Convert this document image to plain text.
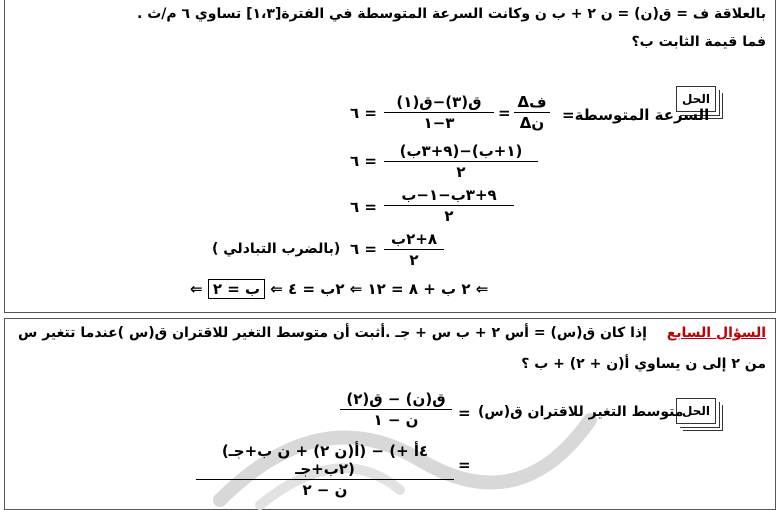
بالعلاقة ف = ق(ن) = ن ٢ + ب ن وكانت السرعة المتوسطة في الفترة[١،٣] تساوي ٦ م/ث .
فما قيمة الثابت ب؟
الحل
السرعة المتوسطة=
Δف
Δن
=
ق(٣)−ق(١)
٣−١
= ٦
(٩+٣ب)−(١+ب)
٢
= ٦
٩+٣ب−١−ب
٢
= ٦
٨+٢ب
٢
= ٦
(بالضرب التبادلي )
⇐ ٢ ب + ٨ = ١٢ ⇐ ٢ب = ٤ ⇐ ب = ٢ ⇐
السؤال السابع  إذا كان ق(س) = أس ٢ + ب س + جـ .أثبت أن متوسط التغير للاقتران ق(س )عندما تتغير س
من ٢ إلى ن يساوي أ(ن + ٢) + ب ؟
الحل
متوسط التغير للاقتران ق(س)
=
ق(ن) − ق(٢)
ن − ١
=
(أ(ن ٢) + ن ب+جـ) − (٤أ + ٢ب+جـ)
ن − ٢
